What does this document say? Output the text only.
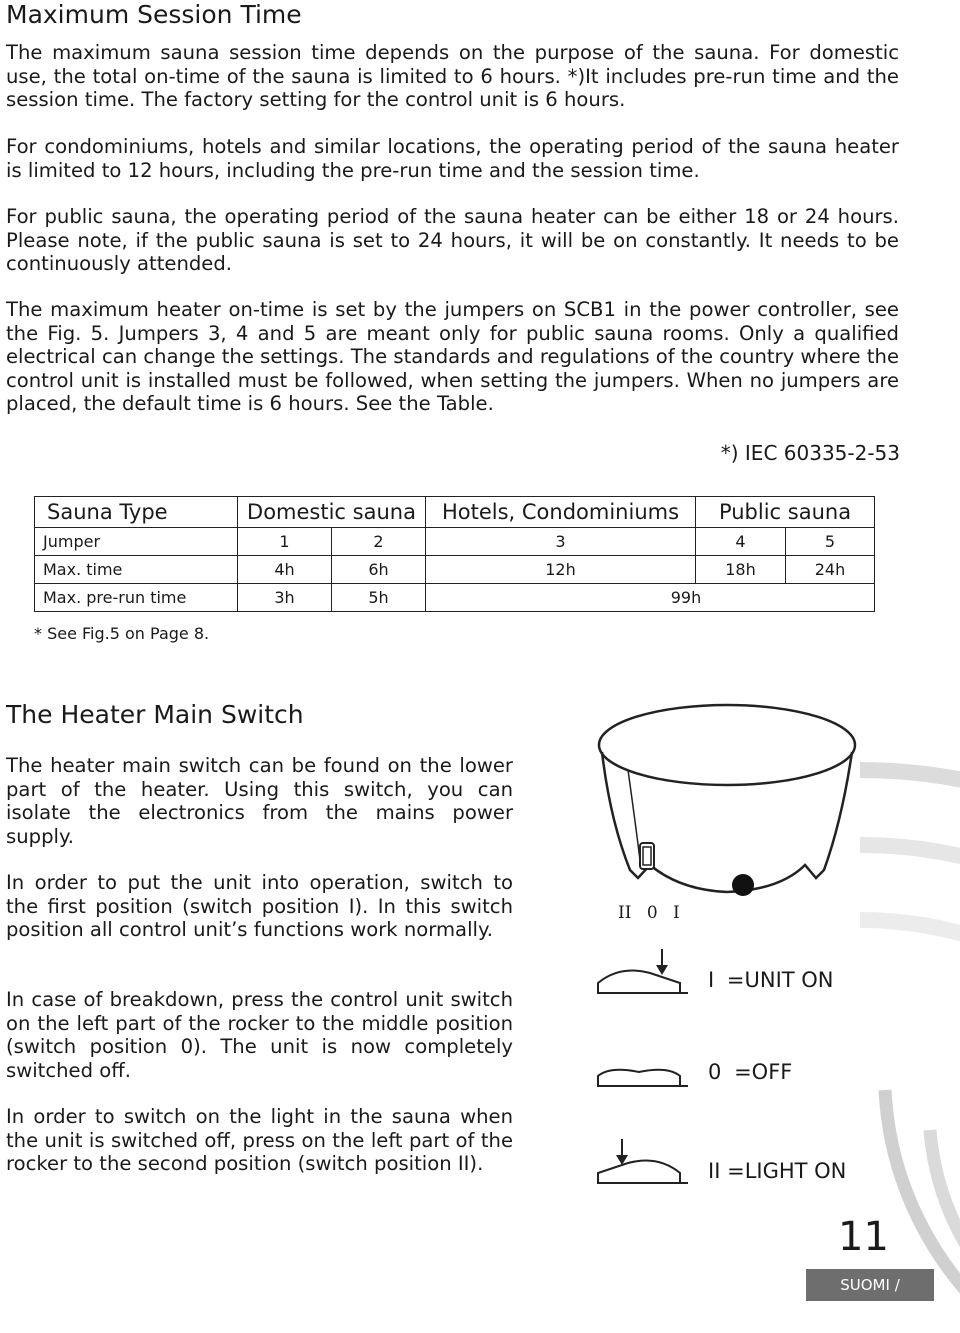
Maximum Session Time

The maximum sauna session time depends on the purpose of the sauna. For domestic use, the total on-time of the sauna is limited to 6 hours. *)It includes pre-run time and the session time. The factory setting for the control unit is 6 hours.

For condominiums, hotels and similar locations, the operating period of the sauna heater is limited to 12 hours, including the pre-run time and the session time.

For public sauna, the operating period of the sauna heater can be either 18 or 24 hours. Please note, if the public sauna is set to 24 hours, it will be on constantly. It needs to be continuously attended.

The maximum heater on-time is set by the jumpers on SCB1 in the power controller, see the Fig. 5. Jumpers 3, 4 and 5 are meant only for public sauna rooms. Only a qualified electrical can change the settings. The standards and regulations of the country where the control unit is installed must be followed, when setting the jumpers. When no jumpers are placed, the default time is 6 hours. See the Table.

*) IEC 60335-2-53
Sauna Type	Domestic sauna		Hotels, Condominiums	Public sauna	
Jumper	1	2	3	4	5
Max. time	4h	6h	12h	18h	24h
Max. pre-run time	3h	5h	99h		
* See Fig.5 on Page 8.
The Heater Main Switch

The heater main switch can be found on the lower part of the heater. Using this switch, you can isolate the electronics from the mains power supply.

In order to put the unit into operation, switch to the first position (switch position I). In this switch position all control unit’s functions work normally.

In case of breakdown, press the control unit switch on the left part of the rocker to the middle position (switch position 0). The unit is now completely switched off.

In order to switch on the light in the sauna when the unit is switched off, press on the left part of the rocker to the second position (switch position II).

II 0 I
I =UNIT ON
0 =OFF
II =LIGHT ON
11
SUOMI / ENGLISH
